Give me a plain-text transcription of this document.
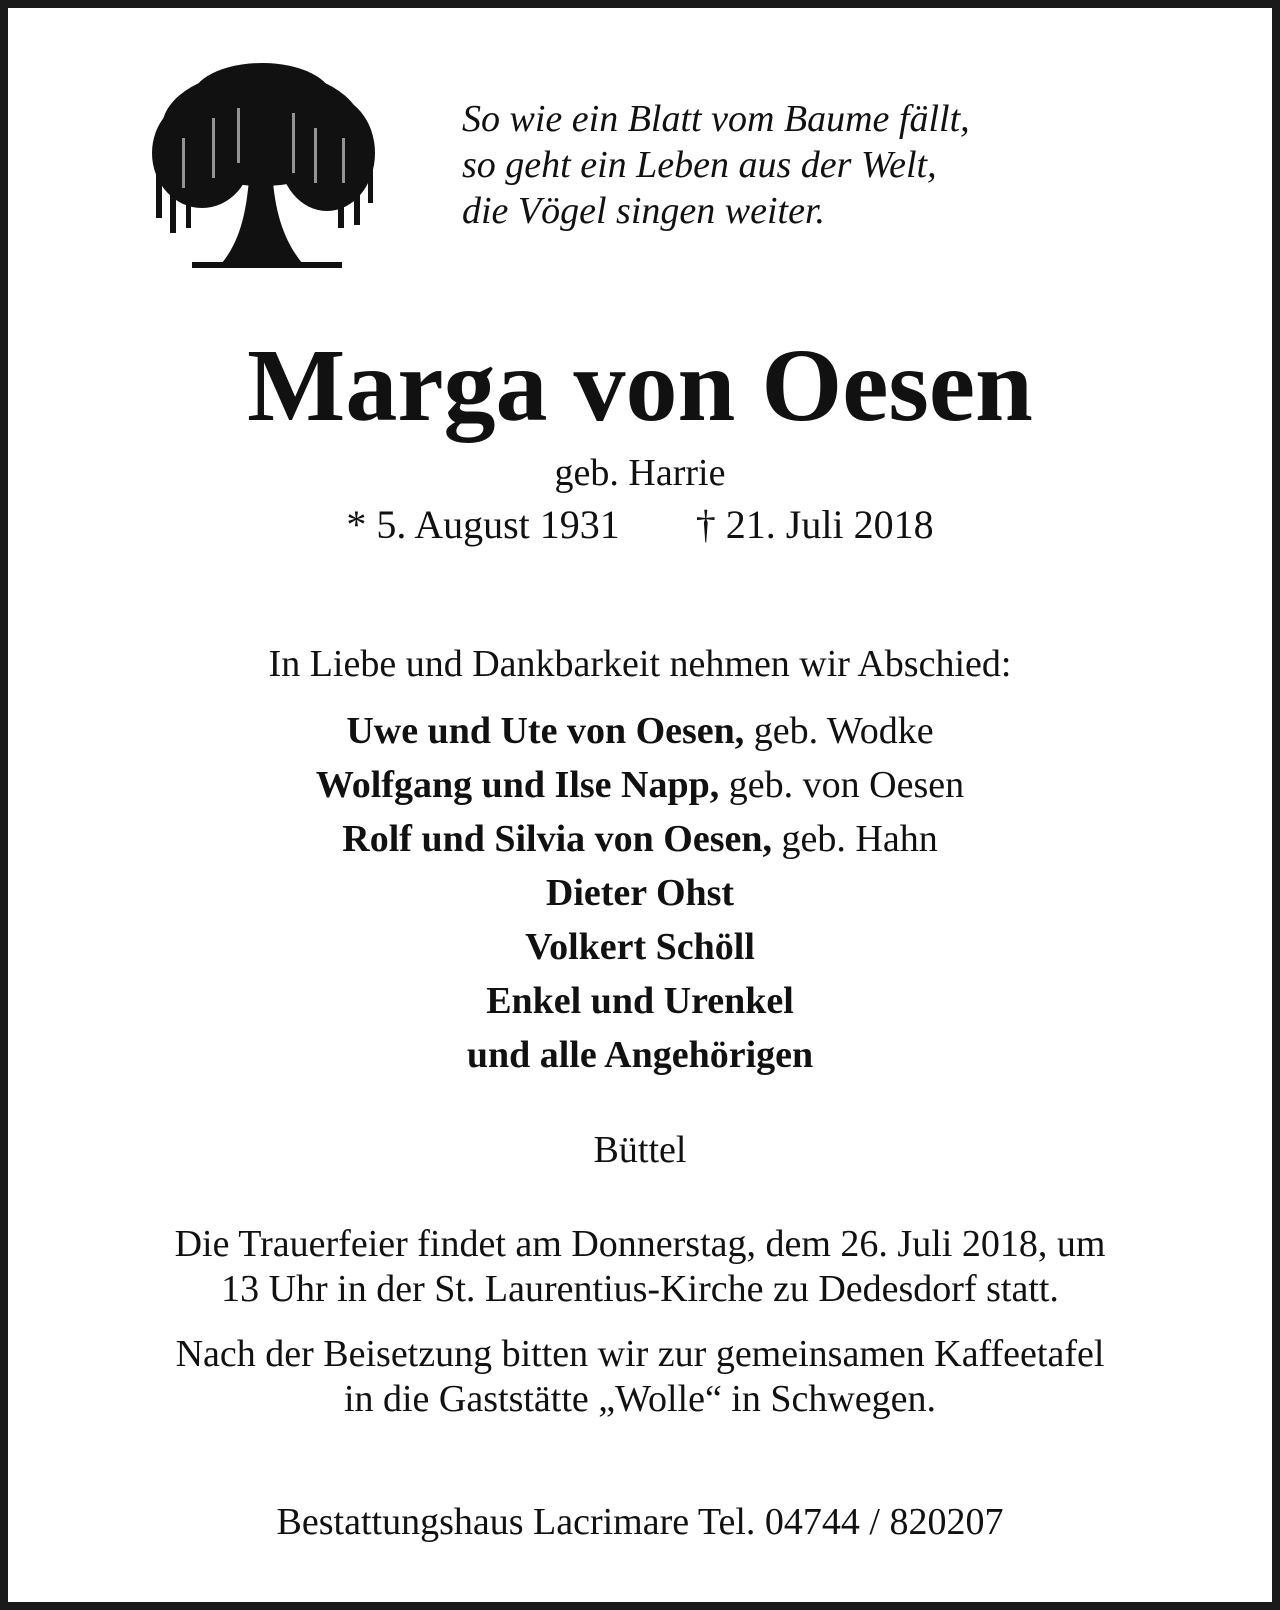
So wie ein Blatt vom Baume fällt,
so geht ein Leben aus der Welt,
die Vögel singen weiter.
Marga von Oesen
geb. Harrie
* 5. August 1931 † 21. Juli 2018
In Liebe und Dankbarkeit nehmen wir Abschied:
Uwe und Ute von Oesen, geb. Wodke
Wolfgang und Ilse Napp, geb. von Oesen
Rolf und Silvia von Oesen, geb. Hahn
Dieter Ohst
Volkert Schöll
Enkel und Urenkel
und alle Angehörigen
Büttel
Die Trauerfeier findet am Donnerstag, dem 26. Juli 2018, um
13 Uhr in der St. Laurentius-Kirche zu Dedesdorf statt.
Nach der Beisetzung bitten wir zur gemeinsamen Kaffeetafel
in die Gaststätte „Wolle“ in Schwegen.
Bestattungshaus Lacrimare Tel. 04744 / 820207
